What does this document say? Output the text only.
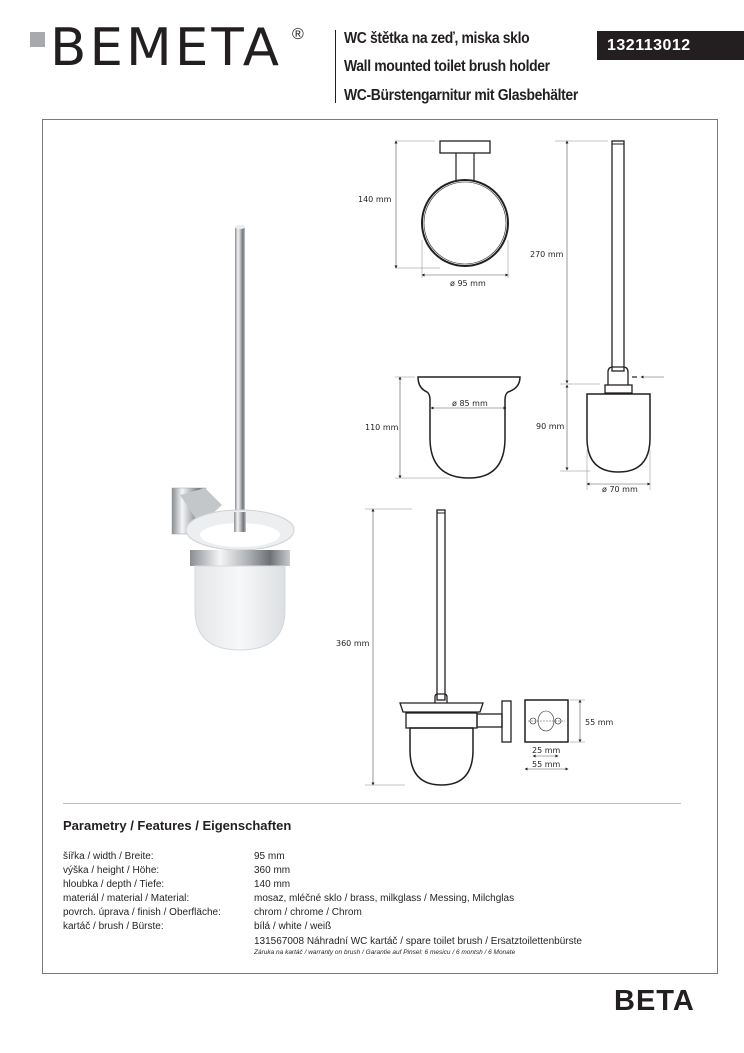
BEMETA ®	WC štětka na zeď, miska sklo
Wall mounted toilet brush holder
WC-Bürstengarnitur mit Glasbehälter
132113012
140 mm
ø 95 mm
270 mm
90 mm
ø 70 mm
110 mm
ø 85 mm
360 mm
55 mm
25 mm
55 mm
Parametry / Features / Eigenschaften
šířka / width / Breite:	95 mm
výška / height / Höhe:	360 mm
hloubka / depth / Tiefe:	140 mm
materiál / material / Material:	mosaz, mléčné sklo / brass, milkglass / Messing, Milchglas
povrch. úprava / finish / Oberfläche:	chrom / chrome / Chrom
kartáč / brush / Bürste:	bílá / white / weiß
131567008 Náhradní WC kartáč / spare toilet brush / Ersatztoilettenbürste
Záruka na kartáč / warranty on brush / Garantie auf Pinsel: 6 mesicu / 6 montsh / 6 Monate
BETA
